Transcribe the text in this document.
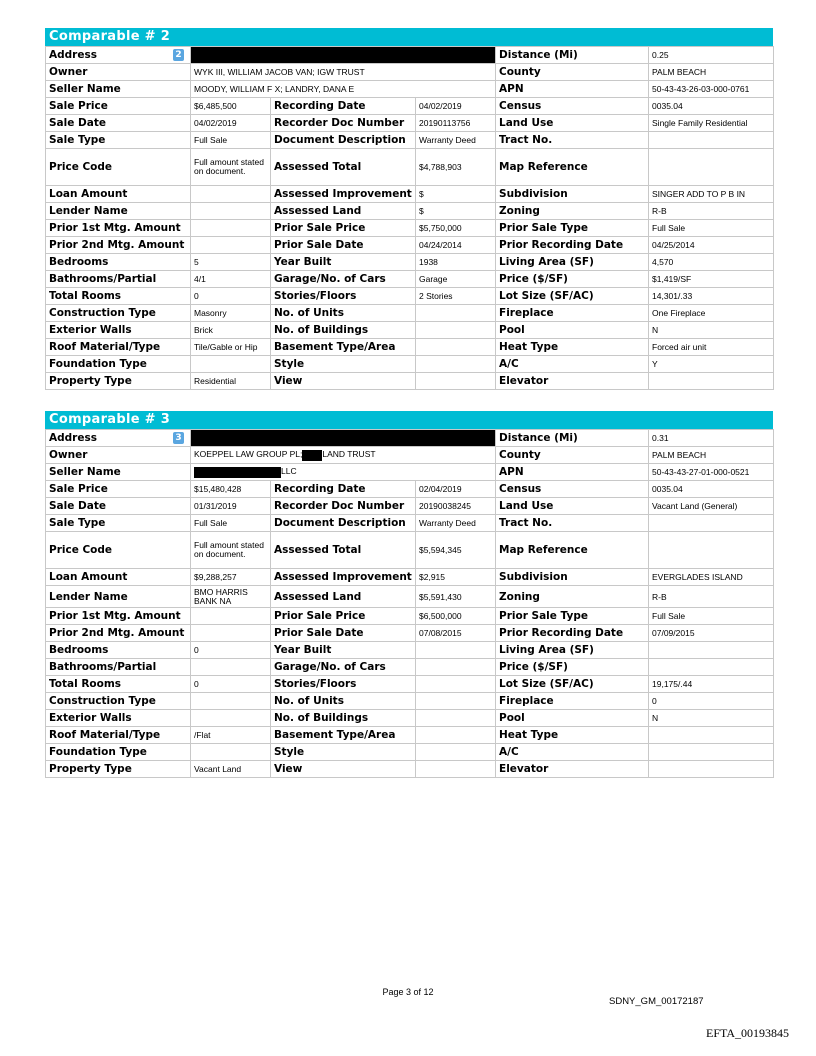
Comparable # 2
Address 2				Distance (Mi)	0.25
Owner	WYK III, WILLIAM JACOB VAN; IGW TRUST			County	PALM BEACH
Seller Name	MOODY, WILLIAM F X; LANDRY, DANA E			APN	50-43-43-26-03-000-0761
Sale Price	$6,485,500	Recording Date	04/02/2019	Census	0035.04
Sale Date	04/02/2019	Recorder Doc Number	20190113756	Land Use	Single Family Residential
Sale Type	Full Sale	Document Description	Warranty Deed	Tract No.	
Price Code	Full amount stated on document.	Assessed Total	$4,788,903	Map Reference	
Loan Amount		Assessed Improvement	$	Subdivision	SINGER ADD TO P B IN
Lender Name		Assessed Land	$	Zoning	R-B
Prior 1st Mtg. Amount		Prior Sale Price	$5,750,000	Prior Sale Type	Full Sale
Prior 2nd Mtg. Amount		Prior Sale Date	04/24/2014	Prior Recording Date	04/25/2014
Bedrooms	5	Year Built	1938	Living Area (SF)	4,570
Bathrooms/Partial	4/1	Garage/No. of Cars	Garage	Price ($/SF)	$1,419/SF
Total Rooms	0	Stories/Floors	2 Stories	Lot Size (SF/AC)	14,301/.33
Construction Type	Masonry	No. of Units		Fireplace	One Fireplace
Exterior Walls	Brick	No. of Buildings		Pool	N
Roof Material/Type	Tile/Gable or Hip	Basement Type/Area		Heat Type	Forced air unit
Foundation Type		Style		A/C	Y
Property Type	Residential	View		Elevator	
Comparable # 3
Address 3				Distance (Mi)	0.31
Owner	KOEPPEL LAW GROUP PL; LAND TRUST			County	PALM BEACH
Seller Name	LLC			APN	50-43-43-27-01-000-0521
Sale Price	$15,480,428	Recording Date	02/04/2019	Census	0035.04
Sale Date	01/31/2019	Recorder Doc Number	20190038245	Land Use	Vacant Land (General)
Sale Type	Full Sale	Document Description	Warranty Deed	Tract No.	
Price Code	Full amount stated on document.	Assessed Total	$5,594,345	Map Reference	
Loan Amount	$9,288,257	Assessed Improvement	$2,915	Subdivision	EVERGLADES ISLAND
Lender Name	BMO HARRIS BANK NA	Assessed Land	$5,591,430	Zoning	R-B
Prior 1st Mtg. Amount		Prior Sale Price	$6,500,000	Prior Sale Type	Full Sale
Prior 2nd Mtg. Amount		Prior Sale Date	07/08/2015	Prior Recording Date	07/09/2015
Bedrooms	0	Year Built		Living Area (SF)	
Bathrooms/Partial		Garage/No. of Cars		Price ($/SF)	
Total Rooms	0	Stories/Floors		Lot Size (SF/AC)	19,175/.44
Construction Type		No. of Units		Fireplace	0
Exterior Walls		No. of Buildings		Pool	N
Roof Material/Type	/Flat	Basement Type/Area		Heat Type	
Foundation Type		Style		A/C	
Property Type	Vacant Land	View		Elevator	
Page 3 of 12
SDNY_GM_00172187
EFTA_00193845
